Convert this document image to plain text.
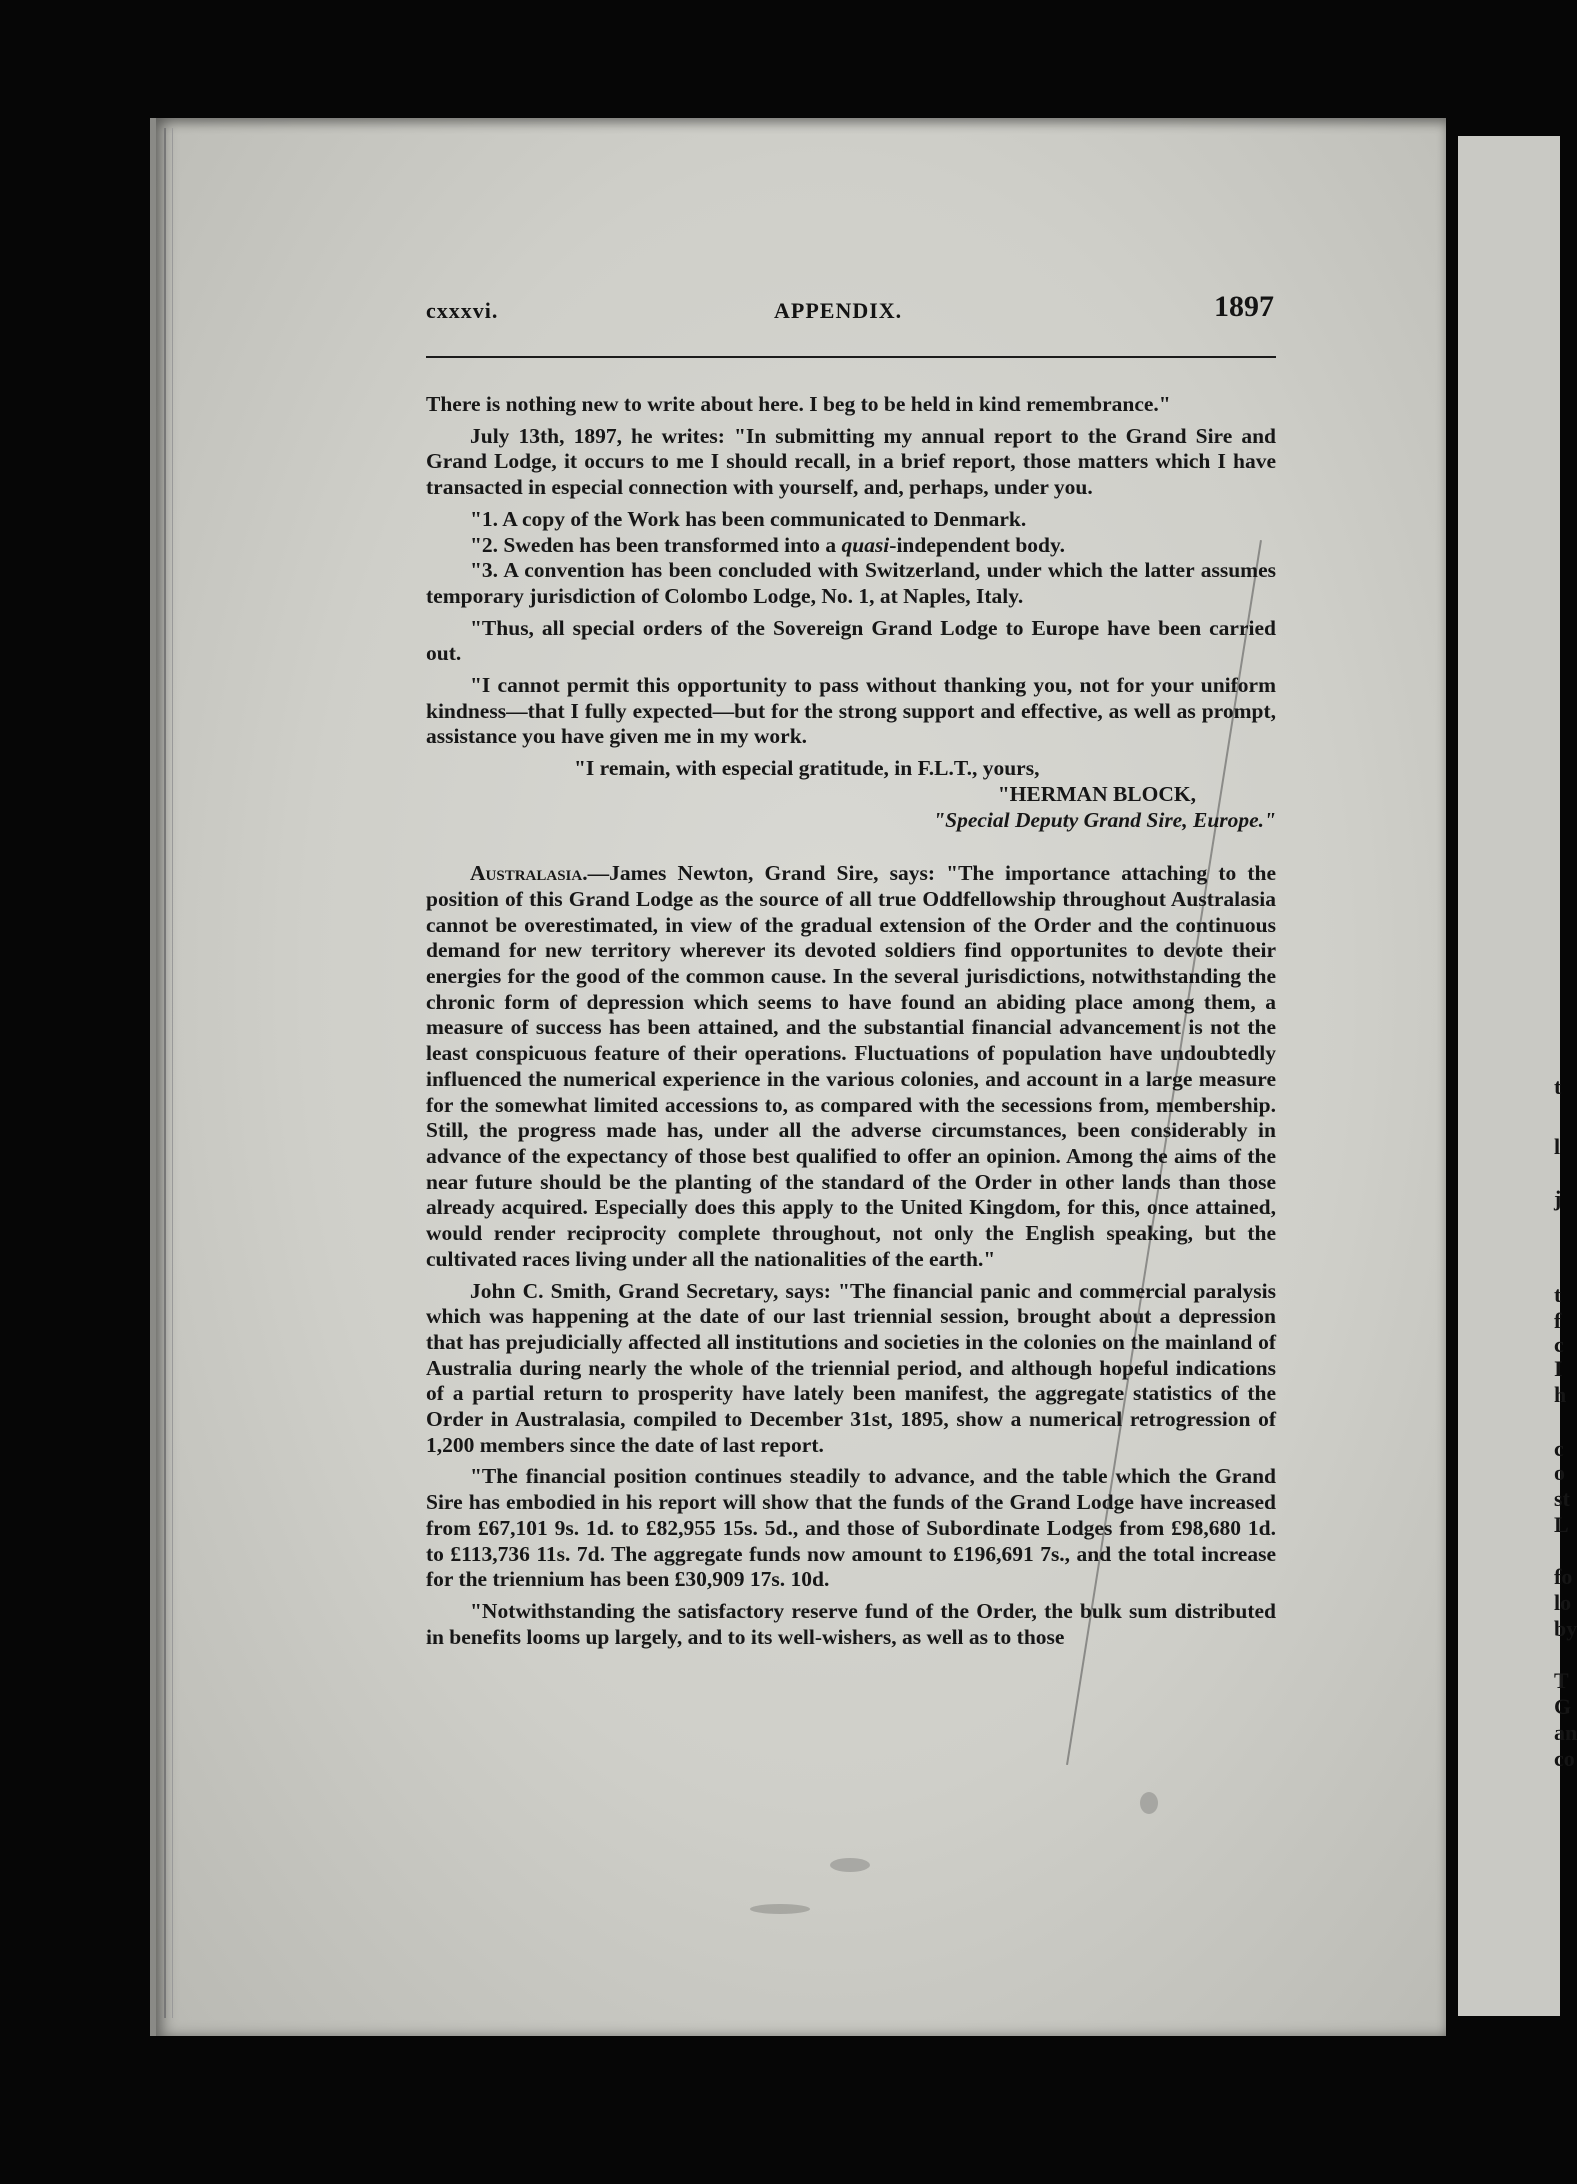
t
l
j
t
f
c
I
h
c
o
st
L
fo
lo
by
T
G
an
co
cxxxvi.	APPENDIX.	1897

There is nothing new to write about here. I beg to be held in kind remembrance."

July 13th, 1897, he writes: "In submitting my annual report to the Grand Sire and Grand Lodge, it occurs to me I should recall, in a brief report, those matters which I have transacted in especial connection with yourself, and, perhaps, under you.

"1. A copy of the Work has been communicated to Denmark.

"2. Sweden has been transformed into a quasi-independent body.

"3. A convention has been concluded with Switzerland, under which the latter assumes temporary jurisdiction of Colombo Lodge, No. 1, at Naples, Italy.

"Thus, all special orders of the Sovereign Grand Lodge to Europe have been carried out.

"I cannot permit this opportunity to pass without thanking you, not for your uniform kindness—that I fully expected—but for the strong support and effective, as well as prompt, assistance you have given me in my work.

"I remain, with especial gratitude, in F.L.T., yours,

"HERMAN BLOCK,

"Special Deputy Grand Sire, Europe."

Australasia.—James Newton, Grand Sire, says: "The importance attaching to the position of this Grand Lodge as the source of all true Oddfellowship throughout Australasia cannot be overestimated, in view of the gradual extension of the Order and the continuous demand for new territory wherever its devoted soldiers find opportunites to devote their energies for the good of the common cause. In the several jurisdictions, notwithstanding the chronic form of depression which seems to have found an abiding place among them, a measure of success has been attained, and the substantial financial advancement is not the least conspicuous feature of their operations. Fluctuations of population have undoubtedly influenced the numerical experience in the various colonies, and account in a large measure for the somewhat limited accessions to, as compared with the secessions from, membership. Still, the progress made has, under all the adverse circumstances, been considerably in advance of the expectancy of those best qualified to offer an opinion. Among the aims of the near future should be the planting of the standard of the Order in other lands than those already acquired. Especially does this apply to the United Kingdom, for this, once attained, would render reciprocity complete throughout, not only the English speaking, but the cultivated races living under all the nationalities of the earth."

John C. Smith, Grand Secretary, says: "The financial panic and commercial paralysis which was happening at the date of our last triennial session, brought about a depression that has prejudicially affected all institutions and societies in the colonies on the mainland of Australia during nearly the whole of the triennial period, and although hopeful indications of a partial return to prosperity have lately been manifest, the aggregate statistics of the Order in Australasia, compiled to December 31st, 1895, show a numerical retrogression of 1,200 members since the date of last report.

"The financial position continues steadily to advance, and the table which the Grand Sire has embodied in his report will show that the funds of the Grand Lodge have increased from £67,101 9s. 1d. to £82,955 15s. 5d., and those of Subordinate Lodges from £98,680 1d. to £113,736 11s. 7d. The aggregate funds now amount to £196,691 7s., and the total increase for the triennium has been £30,909 17s. 10d.

"Notwithstanding the satisfactory reserve fund of the Order, the bulk sum distributed in benefits looms up largely, and to its well-wishers, as well as to those
